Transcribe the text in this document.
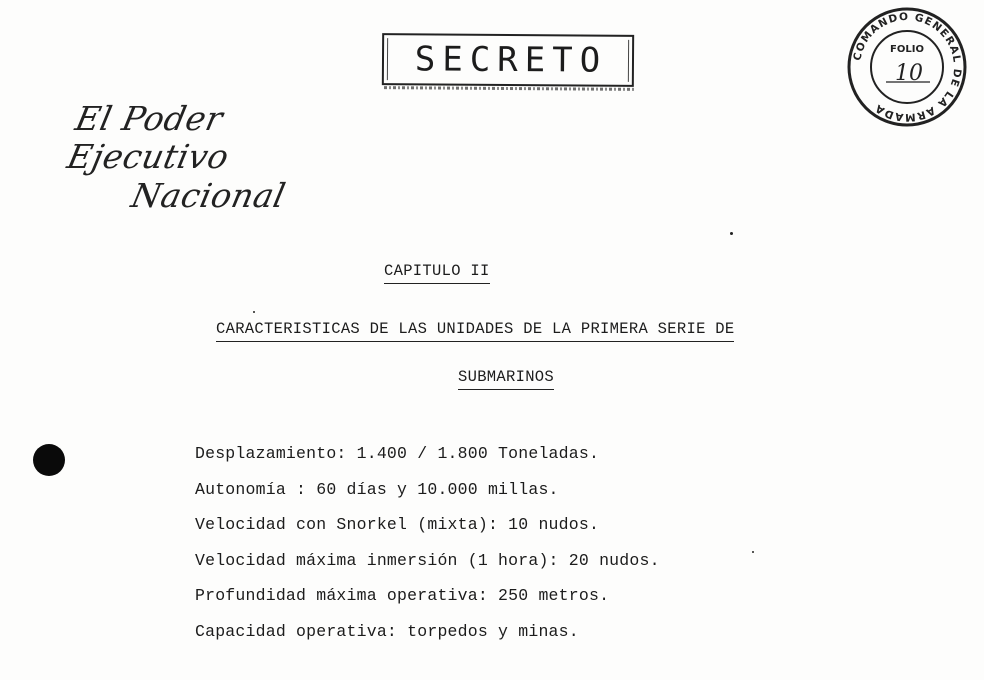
SECRETO
El Poder Ejecutivo
Nacional
COMANDO GENERAL DE LA ARMADA
FOLIO
10
CAPITULO II
CARACTERISTICAS DE LAS UNIDADES DE LA PRIMERA SERIE DE
SUBMARINOS
Desplazamiento: 1.400 / 1.800 Toneladas.
Autonomía : 60 días y 10.000 millas.
Velocidad con Snorkel (mixta): 10 nudos.
Velocidad máxima inmersión (1 hora): 20 nudos.
Profundidad máxima operativa: 250 metros.
Capacidad operativa: torpedos y minas.
